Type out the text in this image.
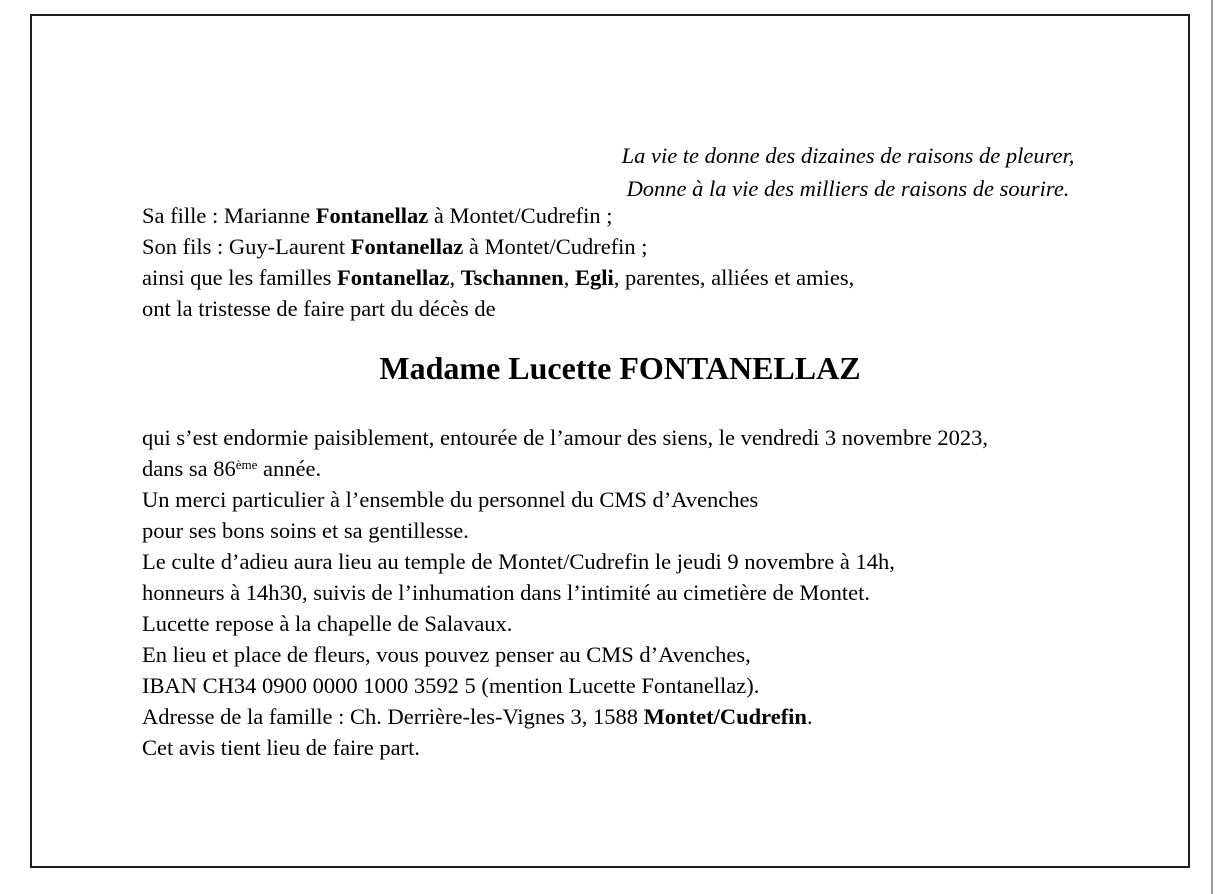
La vie te donne des dizaines de raisons de pleurer,
Donne à la vie des milliers de raisons de sourire.

Sa fille : Marianne Fontanellaz à Montet/Cudrefin ;

Son fils : Guy-Laurent Fontanellaz à Montet/Cudrefin ;

ainsi que les familles Fontanellaz, Tschannen, Egli, parentes, alliées et amies,

ont la tristesse de faire part du décès de

Madame Lucette FONTANELLAZ

qui s’est endormie paisiblement, entourée de l’amour des siens, le vendredi 3 novembre 2023,

dans sa 86ème année.

Un merci particulier à l’ensemble du personnel du CMS d’Avenches

pour ses bons soins et sa gentillesse.

Le culte d’adieu aura lieu au temple de Montet/Cudrefin le jeudi 9 novembre à 14h,

honneurs à 14h30, suivis de l’inhumation dans l’intimité au cimetière de Montet.

Lucette repose à la chapelle de Salavaux.

En lieu et place de fleurs, vous pouvez penser au CMS d’Avenches,

IBAN CH34 0900 0000 1000 3592 5 (mention Lucette Fontanellaz).

Adresse de la famille : Ch. Derrière-les-Vignes 3, 1588 Montet/Cudrefin.

Cet avis tient lieu de faire part.
